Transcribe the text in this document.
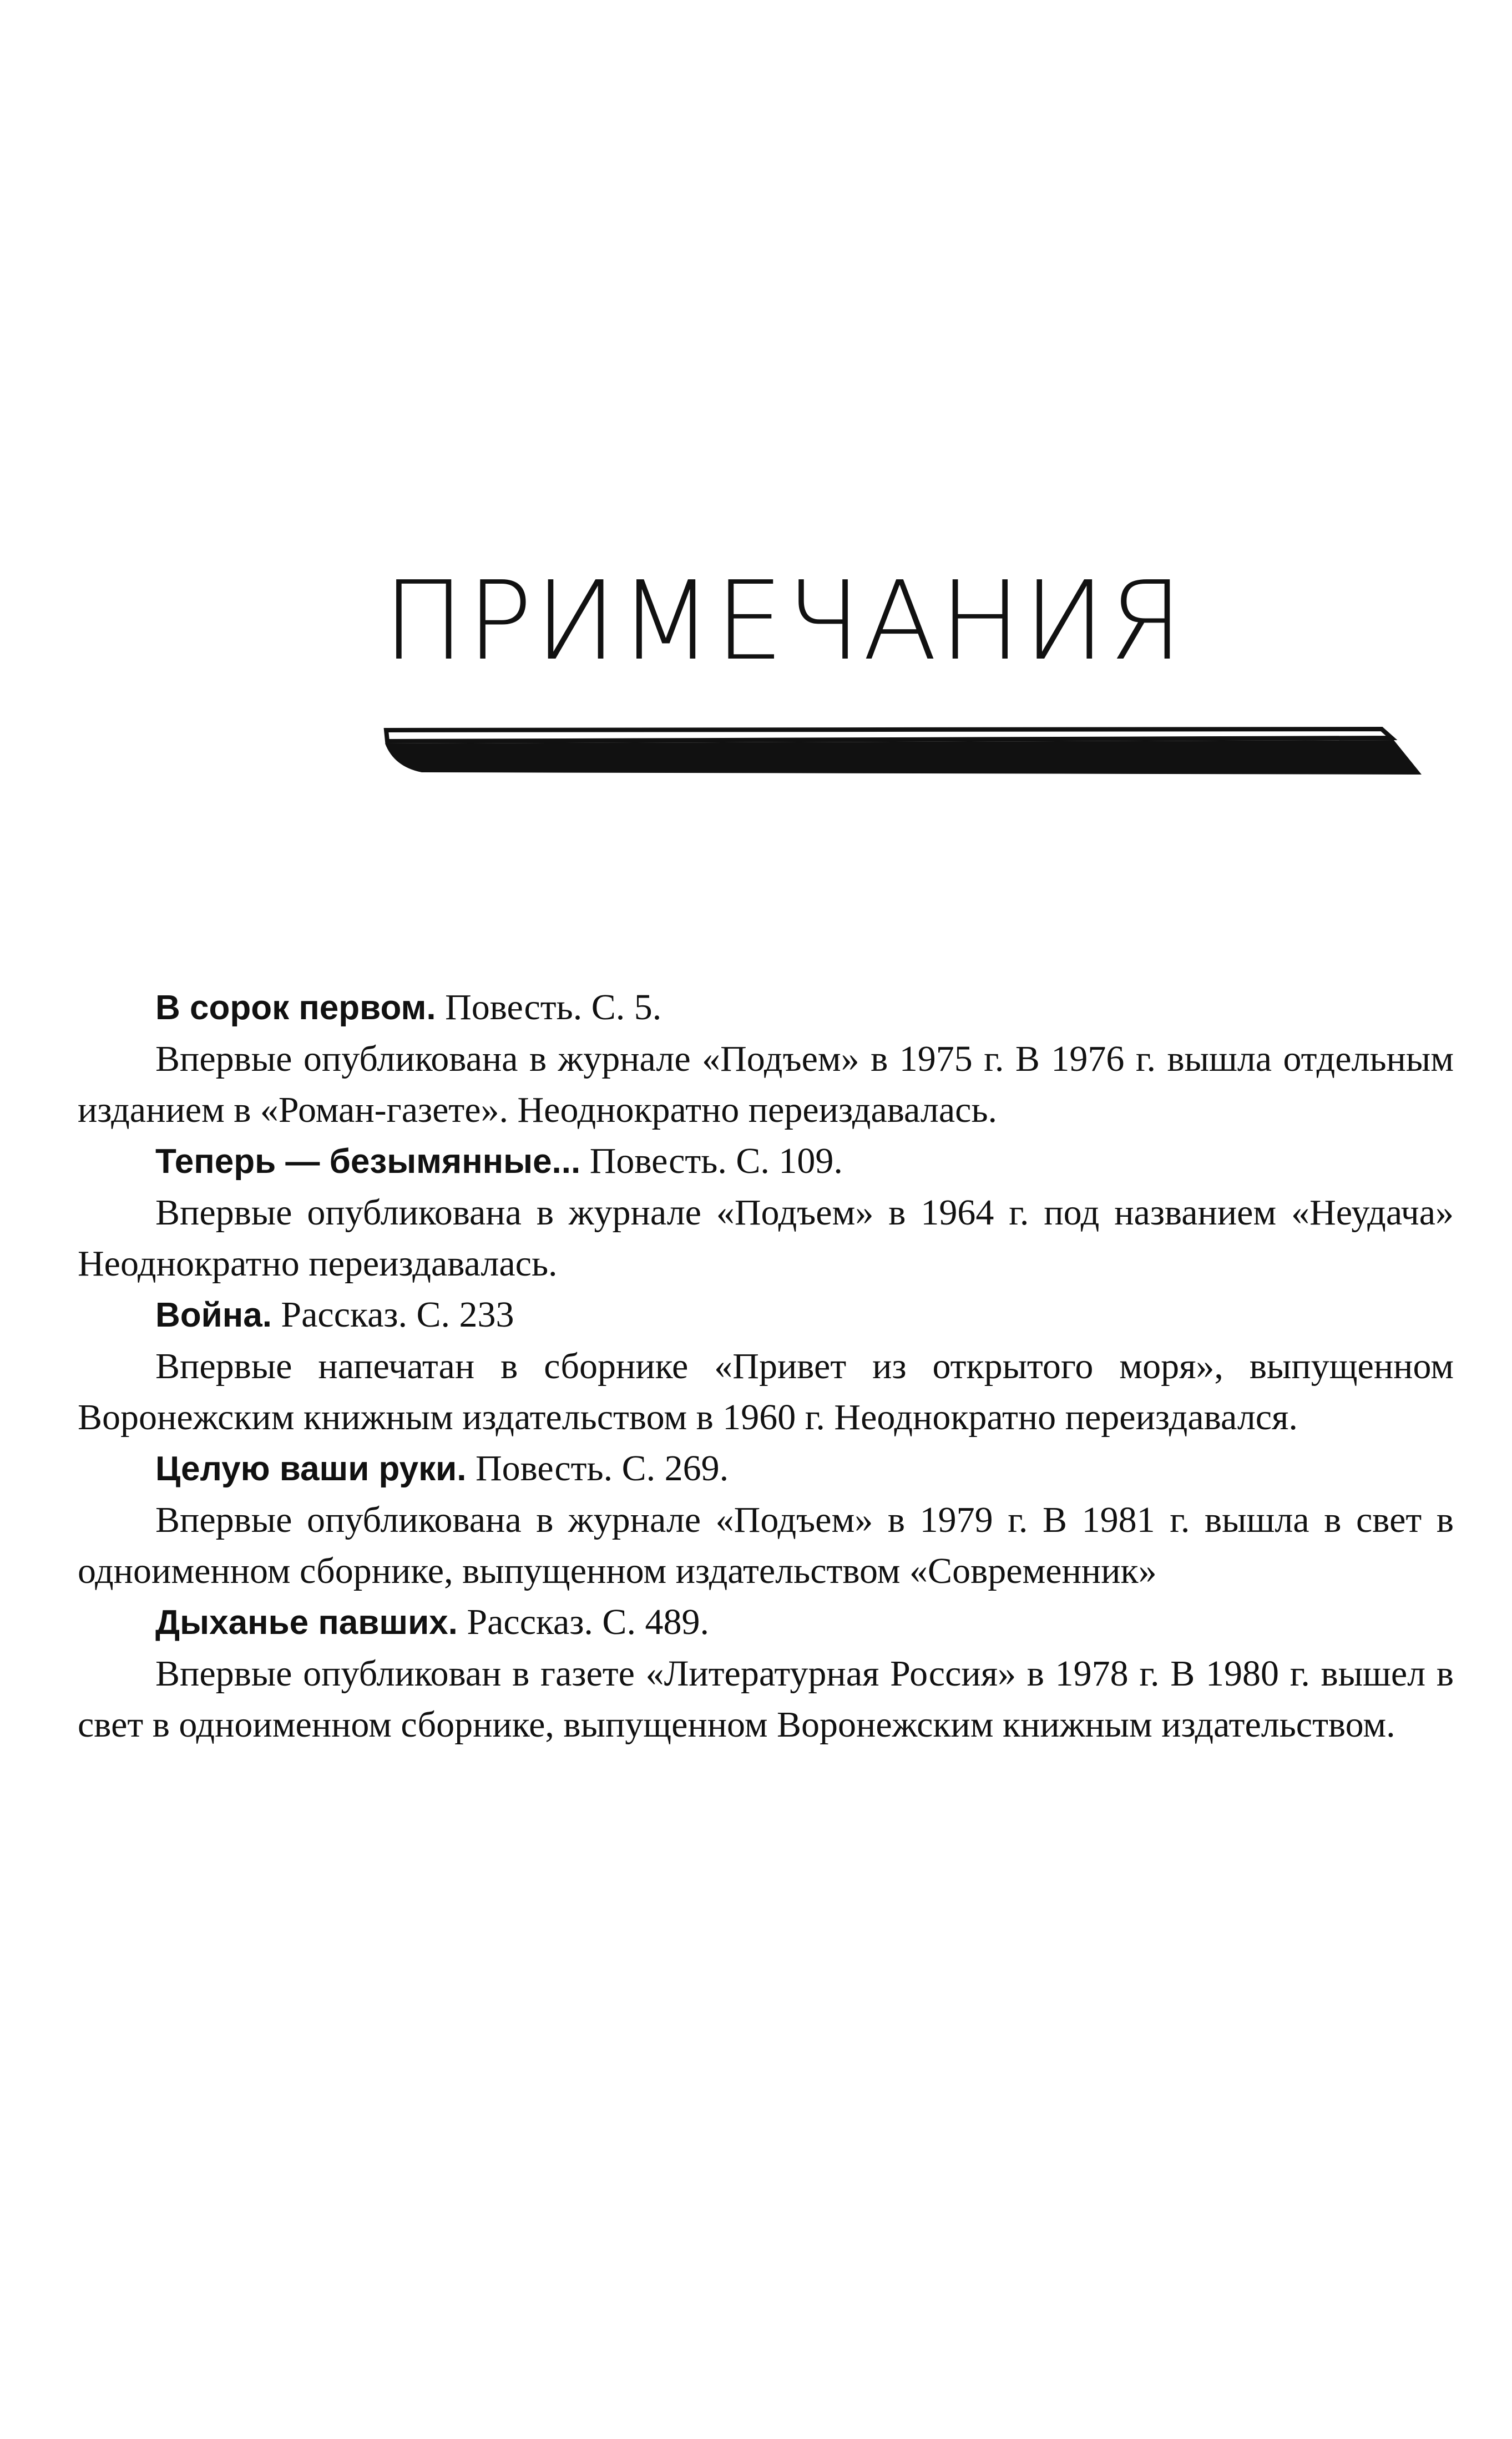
ПРИМЕЧАНИЯ

В сорок первом. Повесть. С. 5.

Впервые опубликована в журнале «Подъем» в 1975 г. В 1976 г. вышла отдельным изданием в «Роман-газете». Неоднократно переиздавалась.

Теперь — безымянные... Повесть. С. 109.

Впервые опубликована в журнале «Подъем» в 1964 г. под названием «Неудача» Неоднократно переиздавалась.

Война. Рассказ. С. 233

Впервые напечатан в сборнике «Привет из открытого моря», выпущенном Воронежским книжным издательством в 1960 г. Неоднократно переиздавался.

Целую ваши руки. Повесть. С. 269.

Впервые опубликована в журнале «Подъем» в 1979 г. В 1981 г. вышла в свет в одноименном сборнике, выпущенном издательством «Современник»

Дыханье павших. Рассказ. С. 489.

Впервые опубликован в газете «Литературная Россия» в 1978 г. В 1980 г. вышел в свет в одноименном сборнике, выпущенном Воронежским книжным издательством.
